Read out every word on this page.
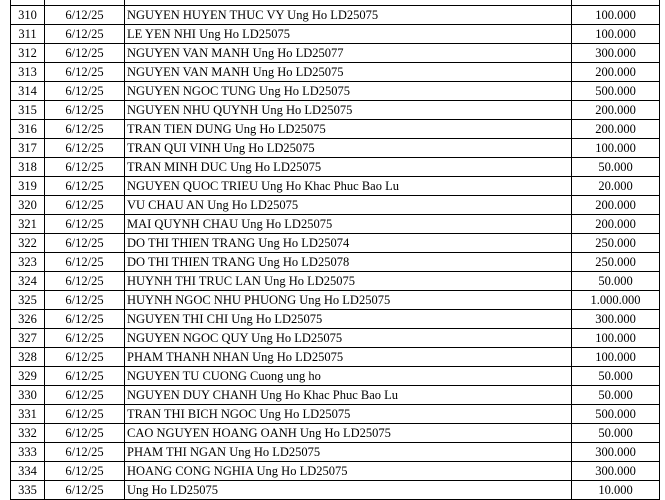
310	6/12/25	NGUYEN HUYEN THUC VY Ung Ho LD25075	100.000
311	6/12/25	LE YEN NHI Ung Ho LD25075	100.000
312	6/12/25	NGUYEN VAN MANH Ung Ho LD25077	300.000
313	6/12/25	NGUYEN VAN MANH Ung Ho LD25075	200.000
314	6/12/25	NGUYEN NGOC TUNG Ung Ho LD25075	500.000
315	6/12/25	NGUYEN NHU QUYNH Ung Ho LD25075	200.000
316	6/12/25	TRAN TIEN DUNG Ung Ho LD25075	200.000
317	6/12/25	TRAN QUI VINH Ung Ho LD25075	100.000
318	6/12/25	TRAN MINH DUC Ung Ho LD25075	50.000
319	6/12/25	NGUYEN QUOC TRIEU Ung Ho Khac Phuc Bao Lu	20.000
320	6/12/25	VU CHAU AN Ung Ho LD25075	200.000
321	6/12/25	MAI QUYNH CHAU Ung Ho LD25075	200.000
322	6/12/25	DO THI THIEN TRANG Ung Ho LD25074	250.000
323	6/12/25	DO THI THIEN TRANG Ung Ho LD25078	250.000
324	6/12/25	HUYNH THI TRUC LAN Ung Ho LD25075	50.000
325	6/12/25	HUYNH NGOC NHU PHUONG Ung Ho LD25075	1.000.000
326	6/12/25	NGUYEN THI CHI Ung Ho LD25075	300.000
327	6/12/25	NGUYEN NGOC QUY Ung Ho LD25075	100.000
328	6/12/25	PHAM THANH NHAN Ung Ho LD25075	100.000
329	6/12/25	NGUYEN TU CUONG Cuong ung ho	50.000
330	6/12/25	NGUYEN DUY CHANH Ung Ho Khac Phuc Bao Lu	50.000
331	6/12/25	TRAN THI BICH NGOC Ung Ho LD25075	500.000
332	6/12/25	CAO NGUYEN HOANG OANH Ung Ho LD25075	50.000
333	6/12/25	PHAM THI NGAN Ung Ho LD25075	300.000
334	6/12/25	HOANG CONG NGHIA Ung Ho LD25075	300.000
335	6/12/25	Ung Ho LD25075	10.000
